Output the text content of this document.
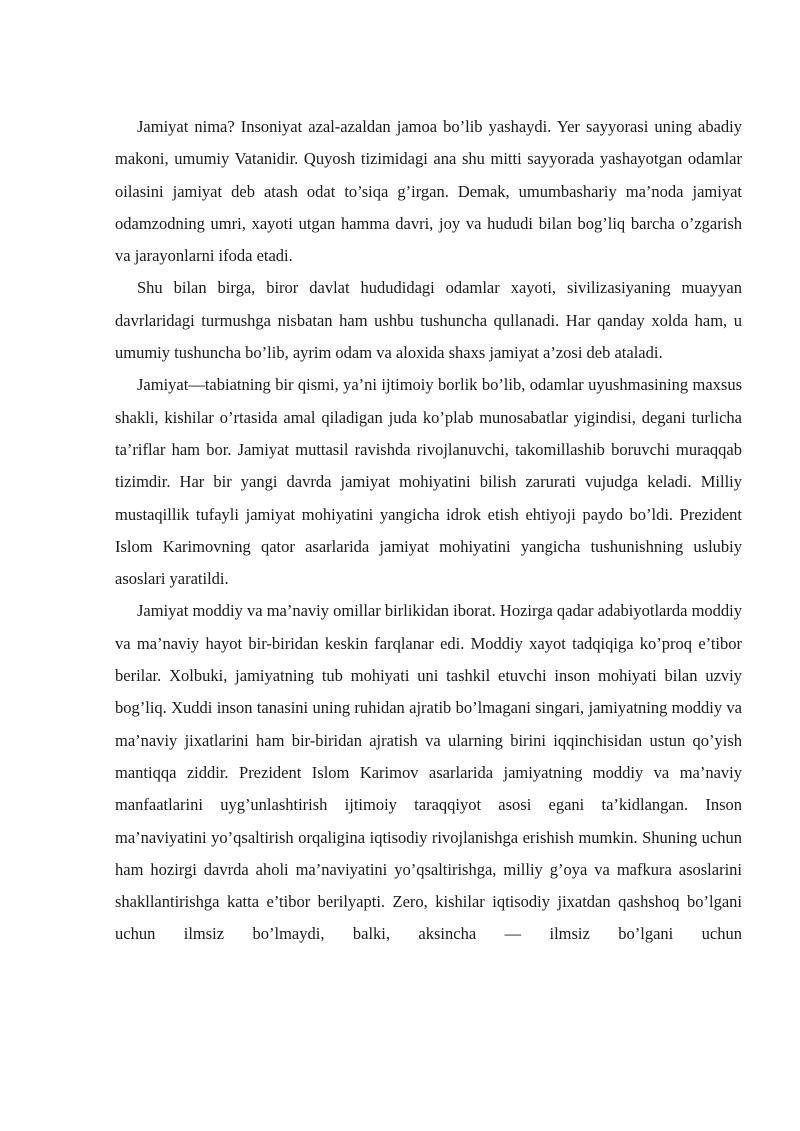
Jamiyat nima? Insoniyat azal-azaldan jamoa bo’lib yashaydi. Yer sayyorasi uning abadiy makoni, umumiy Vatanidir. Quyosh tizimidagi ana shu mitti sayyorada yashayotgan odamlar oilasini jamiyat deb atash odat to’siqa g’irgan. Demak, umumbashariy ma’noda jamiyat odamzodning umri, xayoti utgan hamma davri, joy va hududi bilan bog’liq barcha o’zgarish va jarayonlarni ifoda etadi.

Shu bilan birga, biror davlat hududidagi odamlar xayoti, sivilizasiyaning muayyan davrlaridagi turmushga nisbatan ham ushbu tushuncha qullanadi. Har qanday xolda ham, u umumiy tushuncha bo’lib, ayrim odam va aloxida shaxs jamiyat a’zosi deb ataladi.

Jamiyat—tabiatning bir qismi, ya’ni ijtimoiy borlik bo’lib, odamlar uyushmasining maxsus shakli, kishilar o’rtasida amal qiladigan juda ko’plab munosabatlar yigindisi, degani turlicha ta’riflar ham bor. Jamiyat muttasil ravishda rivojlanuvchi, takomillashib boruvchi muraqqab tizimdir. Har bir yangi davrda jamiyat mohiyatini bilish zarurati vujudga keladi. Milliy mustaqillik tufayli jamiyat mohiyatini yangicha idrok etish ehtiyoji paydo bo’ldi. Prezident Islom Karimovning qator asarlarida jamiyat mohiyatini yangicha tushunishning uslubiy asoslari yaratildi.

Jamiyat moddiy va ma’naviy omillar birlikidan iborat. Hozirga qadar adabiyotlarda moddiy va ma’naviy hayot bir-biridan keskin farqlanar edi. Moddiy xayot tadqiqiga ko’proq e’tibor berilar. Xolbuki, jamiyatning tub mohiyati uni tashkil etuvchi inson mohiyati bilan uzviy bog’liq. Xuddi inson tanasini uning ruhidan ajratib bo’lmagani singari, jamiyatning moddiy va ma’naviy jixatlarini ham bir-biridan ajratish va ularning birini iqqinchisidan ustun qo’yish mantiqqa ziddir. Prezident Islom Karimov asarlarida jamiyatning moddiy va ma’naviy manfaatlarini uyg’unlashtirish ijtimoiy taraqqiyot asosi egani ta’kidlangan. Inson ma’naviyatini yo’qsaltirish orqaligina iqtisodiy rivojlanishga erishish mumkin. Shuning uchun ham hozirgi davrda aholi ma’naviyatini yo’qsaltirishga, milliy g’oya va mafkura asoslarini shakllantirishga katta e’tibor berilyapti. Zero, kishilar iqtisodiy jixatdan qashshoq bo’lgani uchun ilmsiz bo’lmaydi, balki, aksincha — ilmsiz bo’lgani uchun
